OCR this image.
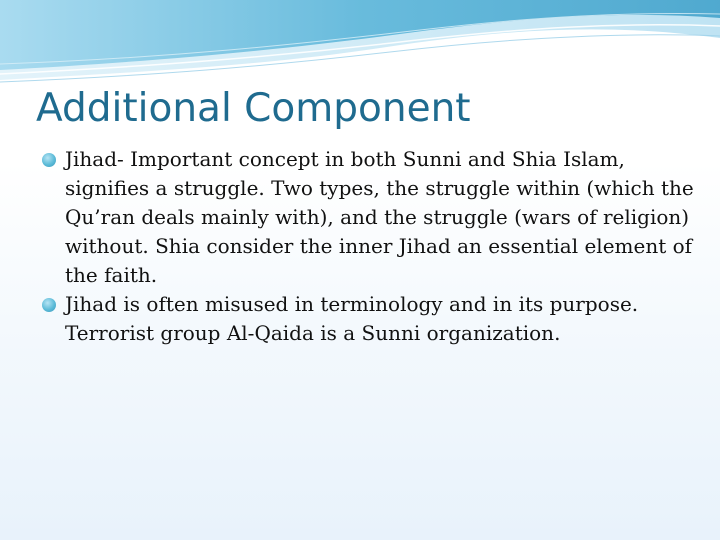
Additional Component
Jihad- Important concept in both Sunni and Shia Islam, signifies a struggle. Two types, the struggle within (which the Qu’ran deals mainly with), and the struggle (wars of religion) without. Shia consider the inner Jihad an essential element of the faith.
Jihad is often misused in terminology and in its purpose. Terrorist group Al-Qaida is a Sunni organization.
